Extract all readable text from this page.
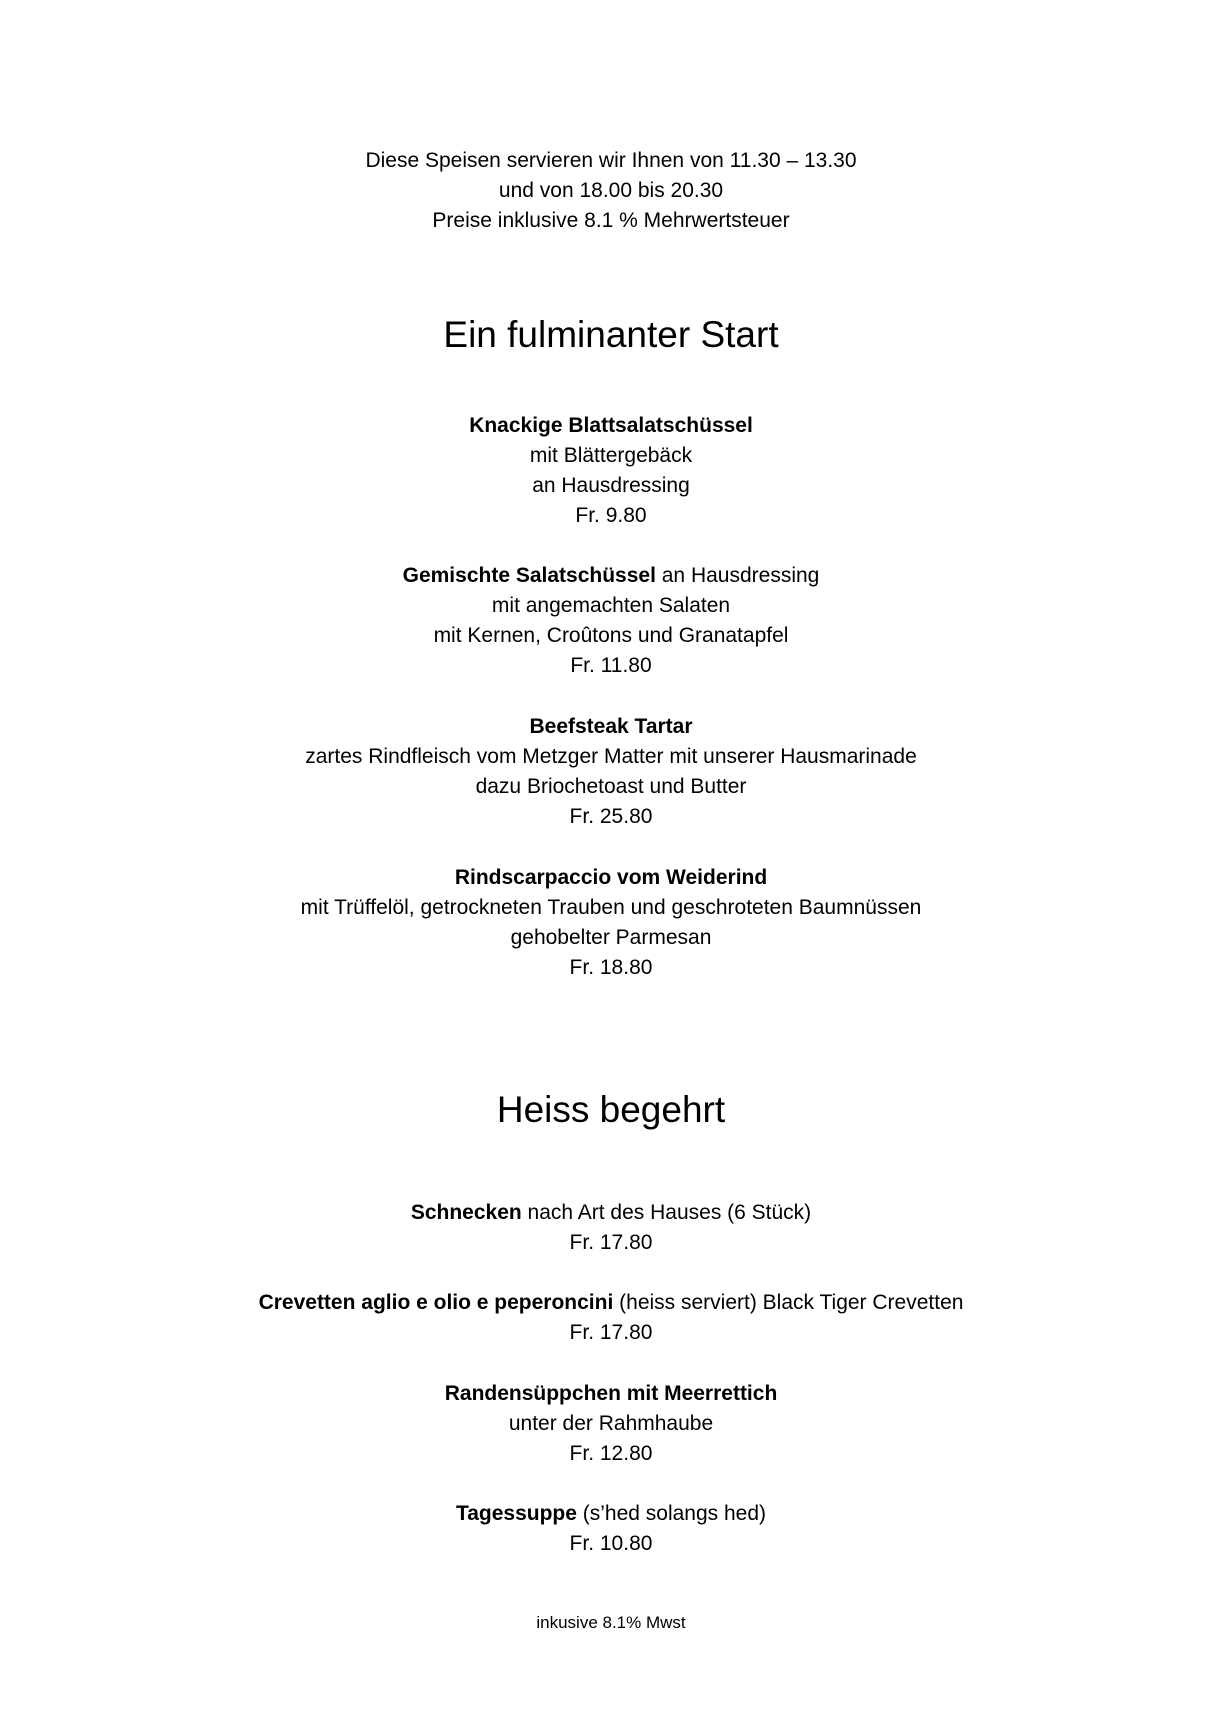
Diese Speisen servieren wir Ihnen von 11.30 – 13.30
und von 18.00 bis 20.30
Preise inklusive 8.1 % Mehrwertsteuer
Ein fulminanter Start
Knackige Blattsalatschüssel
mit Blättergebäck
an Hausdressing
Fr. 9.80
Gemischte Salatschüssel an Hausdressing
mit angemachten Salaten
mit Kernen, Croûtons und Granatapfel
Fr. 11.80
Beefsteak Tartar
zartes Rindfleisch vom Metzger Matter mit unserer Hausmarinade
dazu Briochetoast und Butter
Fr. 25.80
Rindscarpaccio vom Weiderind
mit Trüffelöl, getrockneten Trauben und geschroteten Baumnüssen
gehobelter Parmesan
Fr. 18.80
Heiss begehrt
Schnecken nach Art des Hauses (6 Stück)
Fr. 17.80
Crevetten aglio e olio e peperoncini (heiss serviert) Black Tiger Crevetten
Fr. 17.80
Randensüppchen mit Meerrettich
unter der Rahmhaube
Fr. 12.80
Tagessuppe (s’hed solangs hed)
Fr. 10.80
inkusive 8.1% Mwst
